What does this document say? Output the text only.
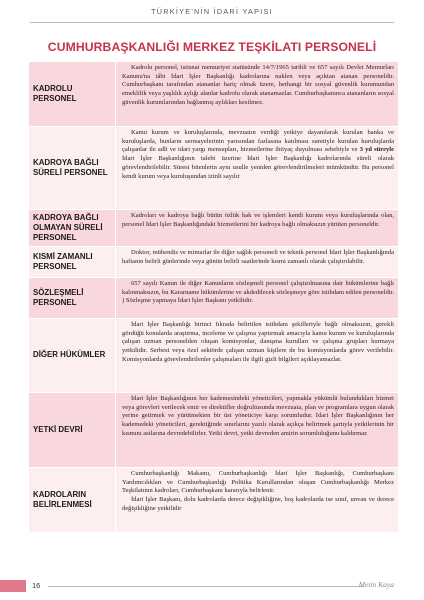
TÜRKİYE'NİN İDARİ YAPISI
CUMHURBAŞKANLIĞI MERKEZ TEŞKİLATI PERSONELİ
KADROLU PERSONEL

Kadrolu personel, istisnai memuriyet statüsünde 14/7/1965 tarihli ve 657 sayılı Devlet Memurları Kanunu'na tâbi İdari İşler Başkanlığı kadrolarına naklen veya açıktan atanan personeldir. Cumhurbaşkanı tarafından atananlar hariç olmak üzere, herhangi bir sosyal güvenlik kurumundan emeklilik veya yaşlılık aylığı alanlar kadrolu olarak atanamazlar. Cumhurbaşkanınca atananların sosyal güvenlik kurumlarından bağlanmış aylıkları kesilmez.

KADROYA BAĞLI SÜRELİ PERSONEL

Kamu kurum ve kuruluşlarında, mevzuatın verdiği yetkiye dayanılarak kurulan banka ve kuruluşlarda, bunların sermayelerinin yarısından fazlasına katılması suretiyle kurulan kuruluşlarda çalışanlar ile adli ve idari yargı mensupları, hizmetlerine ihtiyaç duyulması sebebiyle ve 3 yıl süreyle İdari İşler Başkanlığının talebi üzerine İdari İşler Başkanlığı kadrolarında süreli olarak görevlendirilebilir. Süresi bitenlerin aynı usulle yeniden görevlendirilmeleri mümkündür. Bu personel kendi kurum veya kuruluşundan izinli sayılır

KADROYA BAĞLI OLMAYAN SÜRELİ PERSONEL

Kadroları ve kadroya bağlı bütün özlük hak ve işlemleri kendi kurum veya kuruluşlarında olan, personel İdari İşler Başkanlığındaki hizmetlerini bir kadroya bağlı olmaksızın yürüten personeldir.

KISMİ ZAMANLI PERSONEL

Doktor, mühendis ve mimarlar ile diğer sağlık personeli ve teknik personel İdari İşler Başkanlığında haftanın belirli günlerinde veya günün belirli saatlerinde kısmi zamanlı olarak çalıştırılabilir.

SÖZLEŞMELİ PERSONEL

657 sayılı Kanun ile diğer Kanunların sözleşmeli personel çalıştırılmasına dair hükümlerine bağlı kalınmaksızın, bu Kararname hükümlerine ve akdedilecek sözleşmeye göre istihdam edilen personeldir. ) Sözleşme yapmaya İdari İşler Başkanı yetkilidir.

DİĞER HÜKÜMLER

İdari İşler Başkanlığı birinci fıkrada belirtilen istihdam şekilleriyle bağlı olmaksızın, gerekli gördüğü konularda araştırma, inceleme ve çalışma yaptırmak amacıyla kamu kurum ve kuruluşlarında çalışan uzman personelden oluşan komisyonlar, danışma kurulları ve çalışma grupları kurmaya yetkilidir. Serbest veya özel sektörde çalışan uzman kişilere de bu komisyonlarda görev verilebilir. Komisyonlarda görevlendirilenler çalışmaları ile ilgili gizli bilgileri açıklayamazlar.

YETKİ DEVRİ

İdari İşler Başkanlığının her kademesindeki yöneticileri, yapmakla yükümlü bulundukları hizmet veya görevleri verilecek emir ve direktifler doğrultusunda mevzuata, plan ve programlara uygun olarak yerine getirmek ve yürütmekten bir üst yöneticiye karşı sorumludur. İdari İşler Başkanlığının her kademedeki yöneticileri, gerektiğinde sınırlarını yazılı olarak açıkça belirtmek şartıyla yetkilerinin bir kısmını astlarına devredebilirler. Yetki devri, yetki devreden amirin sorumluluğunu kaldırmaz

KADROLARIN BELİRLENMESİ

Cumhurbaşkanlığı Makamı, Cumhurbaşkanlığı İdari İşler Başkanlığı, Cumhurbaşkanı Yardımcılıkları ve Cumhurbaşkanlığı Politika Kurullarından oluşan Cumhurbaşkanlığı Merkez Teşkilatının kadroları, Cumhurbaşkanı kararıyla belirlenir.

İdari İşler Başkanı, dolu kadrolarda derece değişikliğine, boş kadrolarda ise sınıf, unvan ve derece değişikliğine yetkilidir

16	Metin Kaya
